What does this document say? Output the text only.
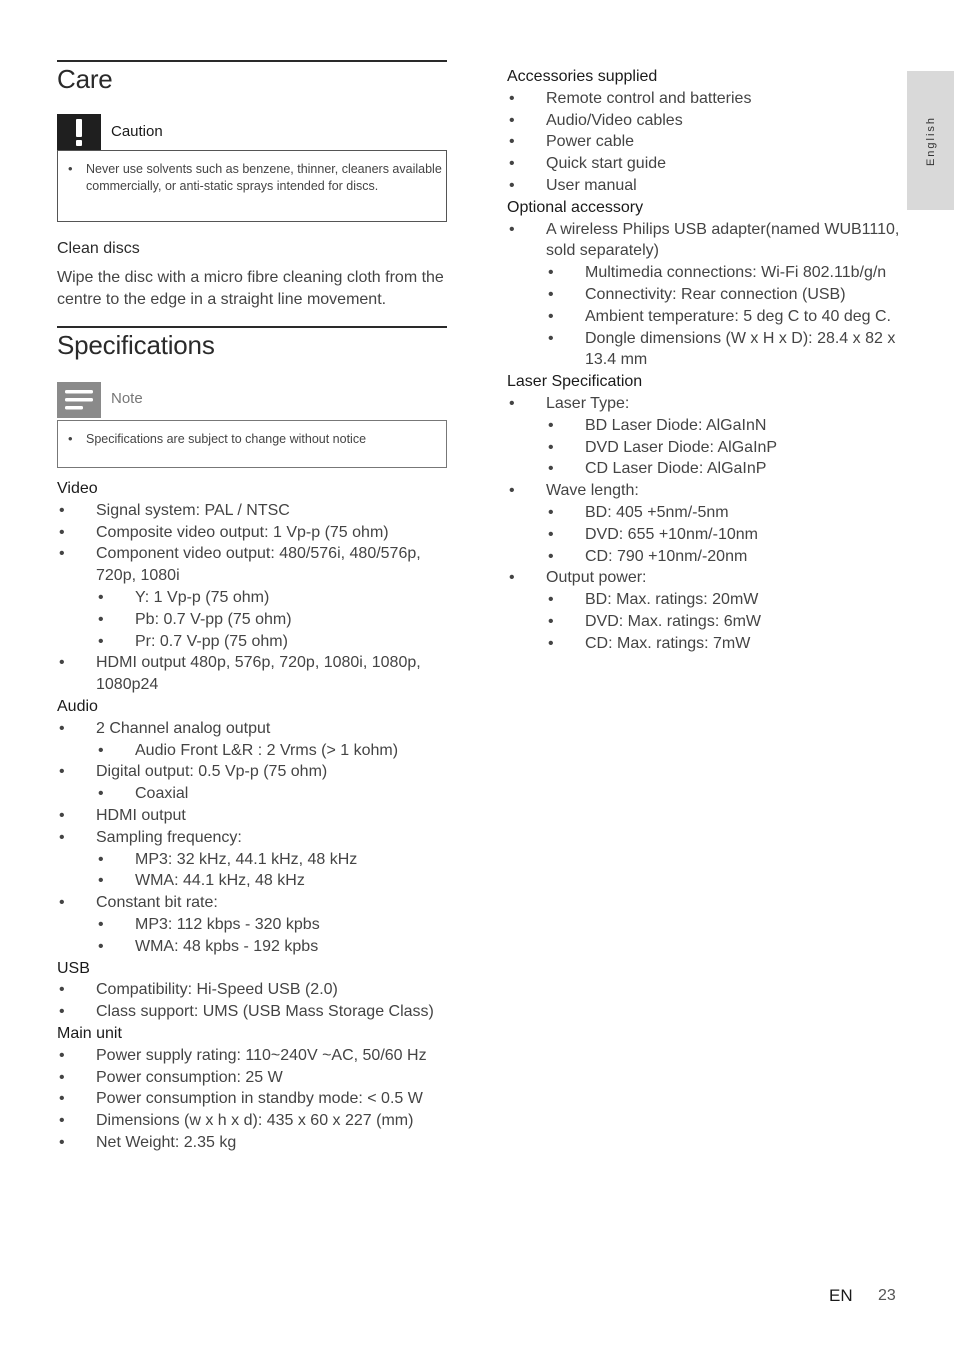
Care
Caution
• Never use solvents such as benzene, thinner, cleaners available commercially, or anti-static sprays intended for discs.
Clean discs
Wipe the disc with a micro fibre cleaning cloth from the centre to the edge in a straight line movement.
Specifications
Note
• Specifications are subject to change without notice
Video
• Signal system: PAL / NTSC
• Composite video output: 1 Vp-p (75 ohm)
• Component video output: 480/576i, 480/576p, 720p, 1080i
• Y: 1 Vp-p (75 ohm)
• Pb: 0.7 V-pp (75 ohm)
• Pr: 0.7 V-pp (75 ohm)
• HDMI output 480p, 576p, 720p, 1080i, 1080p, 1080p24
Audio
• 2 Channel analog output
• Audio Front L&R : 2 Vrms (> 1 kohm)
• Digital output: 0.5 Vp-p (75 ohm)
• Coaxial
• HDMI output
• Sampling frequency:
• MP3: 32 kHz, 44.1 kHz, 48 kHz
• WMA: 44.1 kHz, 48 kHz
• Constant bit rate:
• MP3: 112 kbps - 320 kpbs
• WMA: 48 kpbs - 192 kpbs
USB
• Compatibility: Hi-Speed USB (2.0)
• Class support: UMS (USB Mass Storage Class)
Main unit
• Power supply rating: 110~240V ~AC, 50/60 Hz
• Power consumption: 25 W
• Power consumption in standby mode: < 0.5 W
• Dimensions (w x h x d): 435 x 60 x 227 (mm)
• Net Weight: 2.35 kg
Accessories supplied
• Remote control and batteries
• Audio/Video cables
• Power cable
• Quick start guide
• User manual
Optional accessory
• A wireless Philips USB adapter(named WUB1110, sold separately)
• Multimedia connections: Wi-Fi 802.11b/g/n
• Connectivity: Rear connection (USB)
• Ambient temperature: 5 deg C to 40 deg C.
• Dongle dimensions (W x H x D): 28.4 x 82 x 13.4 mm
Laser Specification
• Laser Type:
• BD Laser Diode: AlGaInN
• DVD Laser Diode: AlGaInP
• CD Laser Diode: AlGaInP
• Wave length:
• BD: 405 +5nm/-5nm
• DVD: 655 +10nm/-10nm
• CD: 790 +10nm/-20nm
• Output power:
• BD: Max. ratings: 20mW
• DVD: Max. ratings: 6mW
• CD: Max. ratings: 7mW
English
EN 23
